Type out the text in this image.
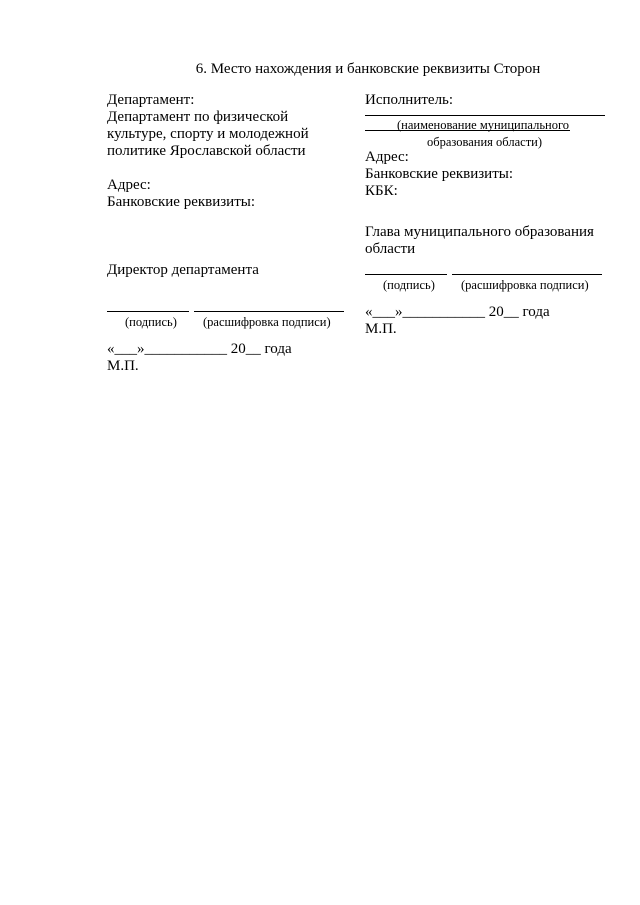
6. Место нахождения и банковские реквизиты Сторон
Департамент:
Департамент по физической
культуре, спорту и молодежной
политике Ярославской области
Адрес:
Банковские реквизиты:
Директор департамента
(подпись) (расшифровка подписи)
«___»___________ 20__ года
М.П.
Исполнитель:
(наименование муниципального
образования области)
Адрес:
Банковские реквизиты:
КБК:
Глава муниципального образования
области
(подпись) (расшифровка подписи)
«___»___________ 20__ года
М.П.
